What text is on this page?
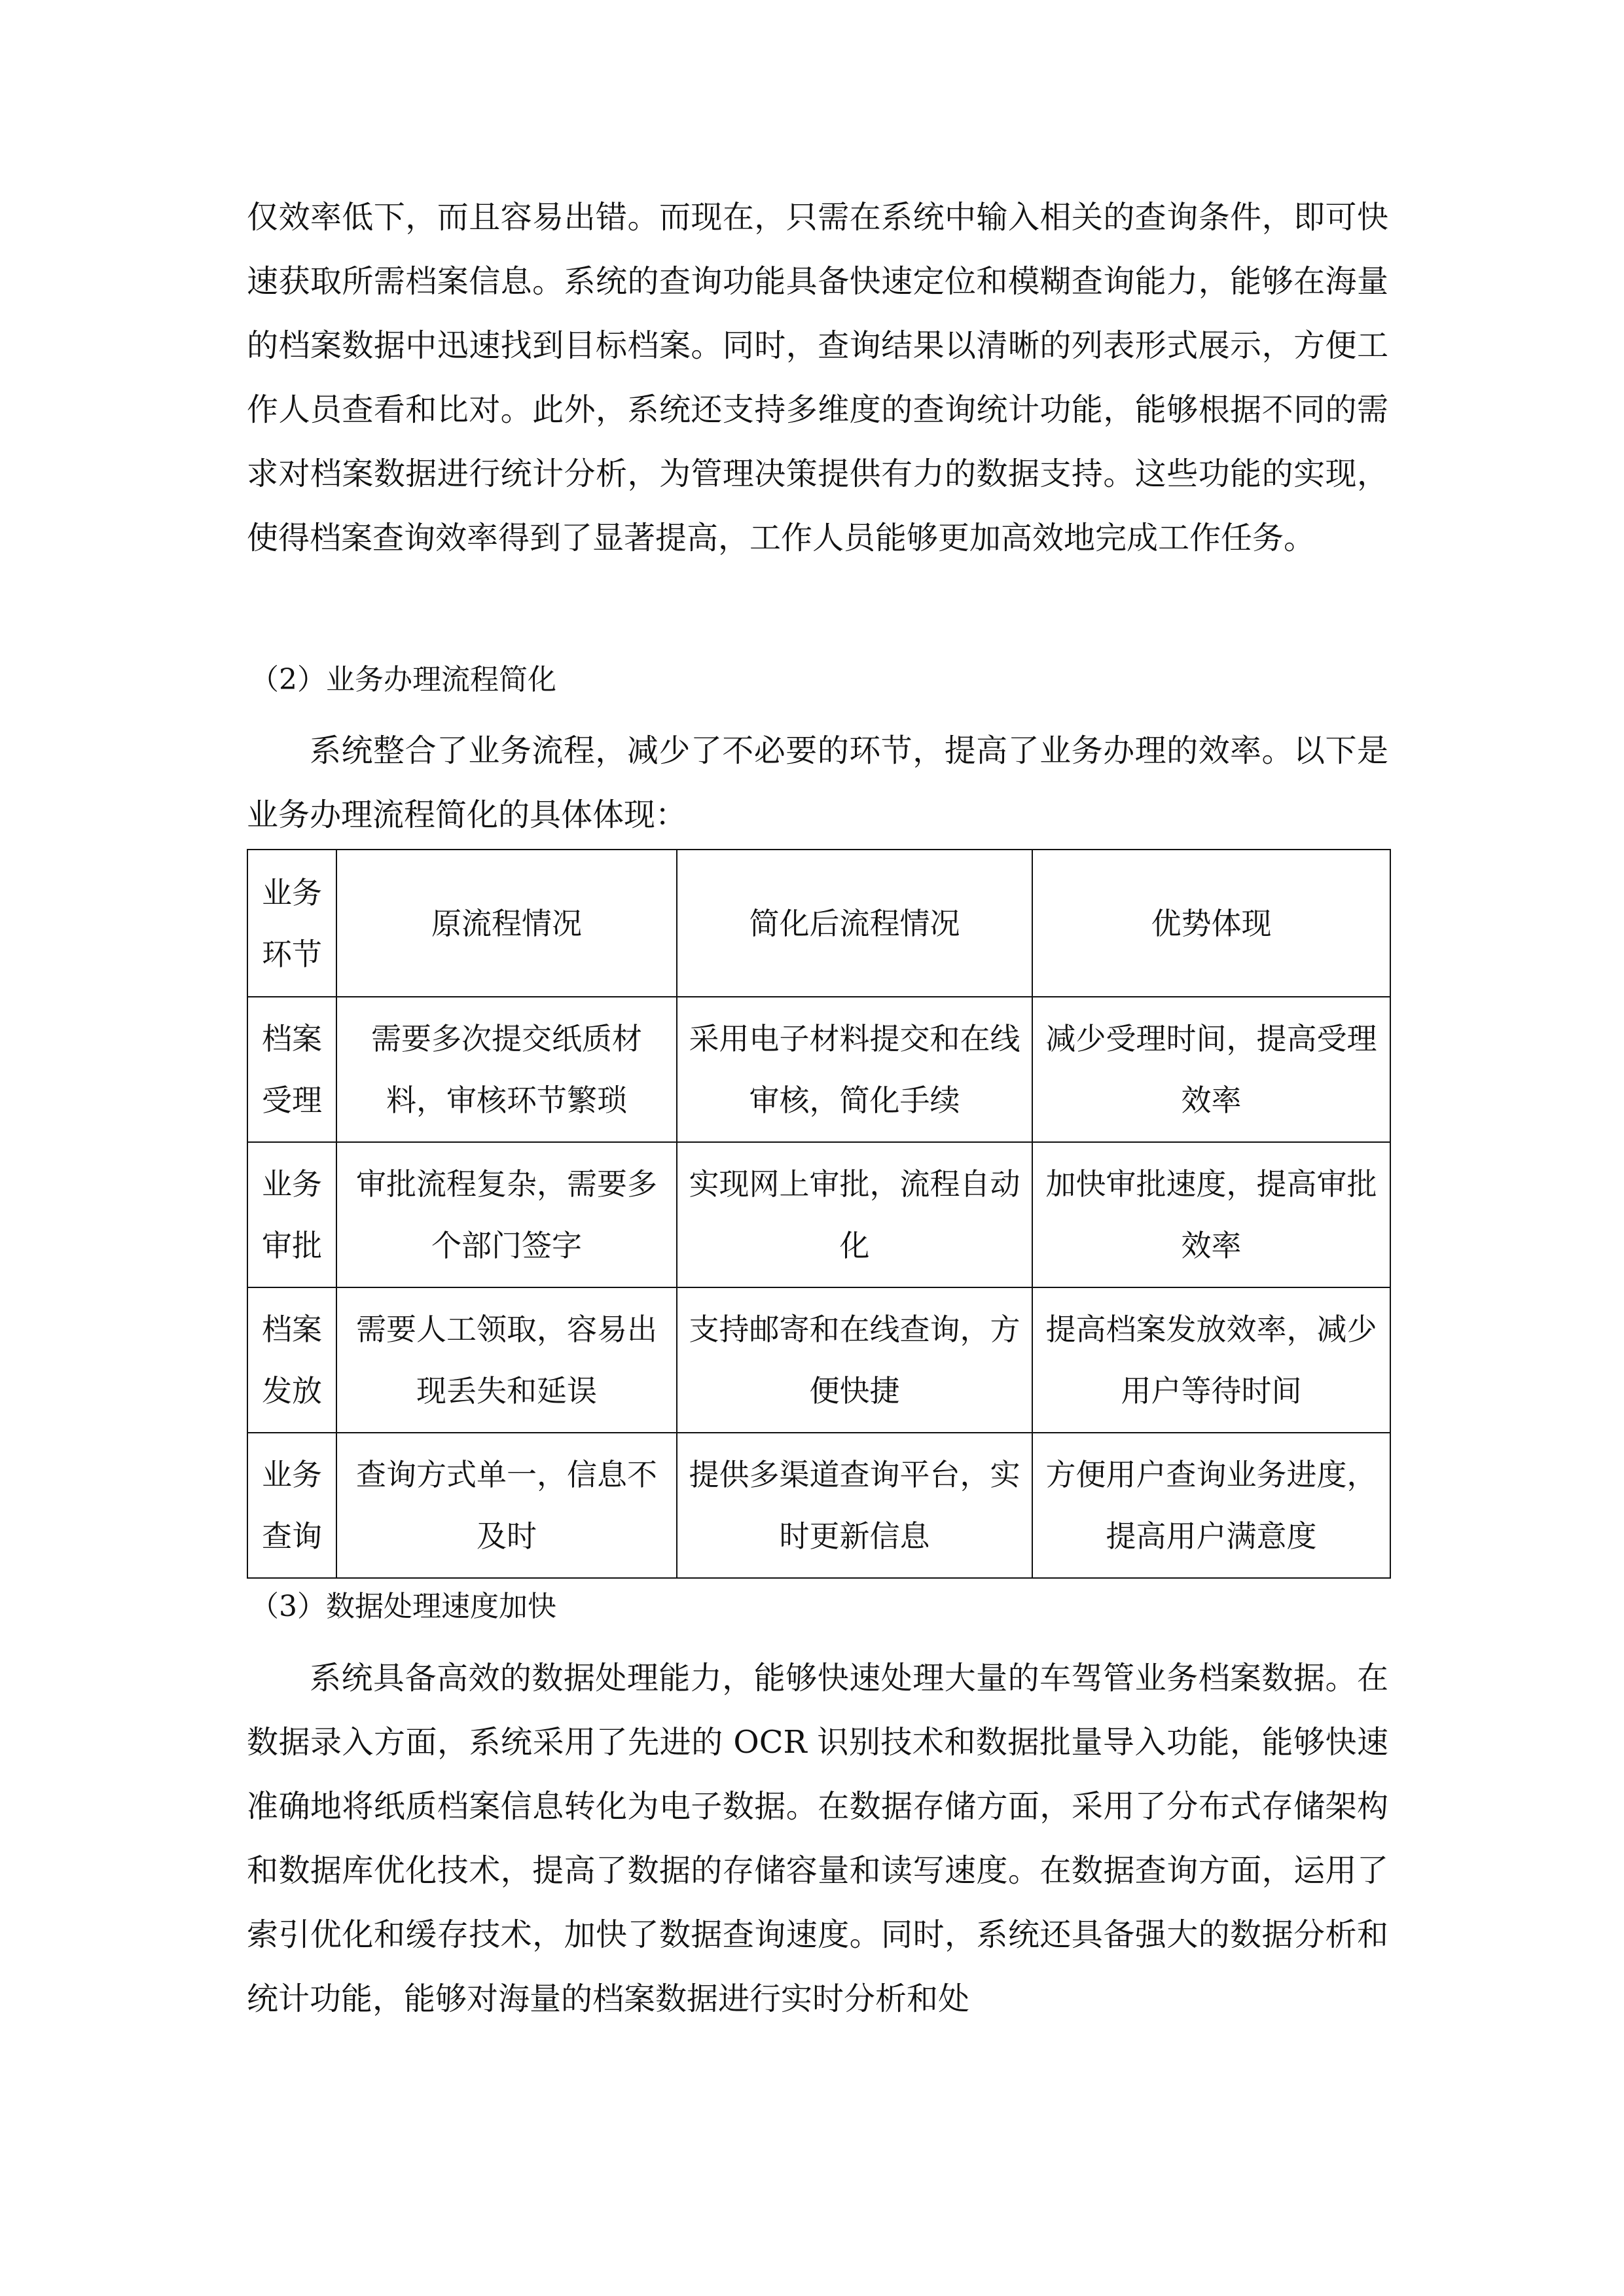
仅效率低下，而且容易出错。而现在，只需在系统中输入相关的查询条件，即可快速获取所需档案信息。系统的查询功能具备快速定位和模糊查询能力，能够在海量的档案数据中迅速找到目标档案。同时，查询结果以清晰的列表形式展示，方便工作人员查看和比对。此外，系统还支持多维度的查询统计功能，能够根据不同的需求对档案数据进行统计分析，为管理决策提供有力的数据支持。这些功能的实现，使得档案查询效率得到了显著提高，工作人员能够更加高效地完成工作任务。

（2）业务办理流程简化

系统整合了业务流程，减少了不必要的环节，提高了业务办理的效率。以下是业务办理流程简化的具体体现：

业务环节	原流程情况	简化后流程情况	优势体现
档案受理	需要多次提交纸质材料，审核环节繁琐	采用电子材料提交和在线审核，简化手续	减少受理时间，提高受理效率
业务审批	审批流程复杂，需要多个部门签字	实现网上审批，流程自动化	加快审批速度，提高审批效率
档案发放	需要人工领取，容易出现丢失和延误	支持邮寄和在线查询，方便快捷	提高档案发放效率，减少用户等待时间
业务查询	查询方式单一，信息不及时	提供多渠道查询平台，实时更新信息	方便用户查询业务进度，提高用户满意度

（3）数据处理速度加快

系统具备高效的数据处理能力，能够快速处理大量的车驾管业务档案数据。在数据录入方面，系统采用了先进的 OCR 识别技术和数据批量导入功能，能够快速准确地将纸质档案信息转化为电子数据。在数据存储方面，采用了分布式存储架构和数据库优化技术，提高了数据的存储容量和读写速度。在数据查询方面，运用了索引优化和缓存技术，加快了数据查询速度。同时，系统还具备强大的数据分析和统计功能，能够对海量的档案数据进行实时分析和处
